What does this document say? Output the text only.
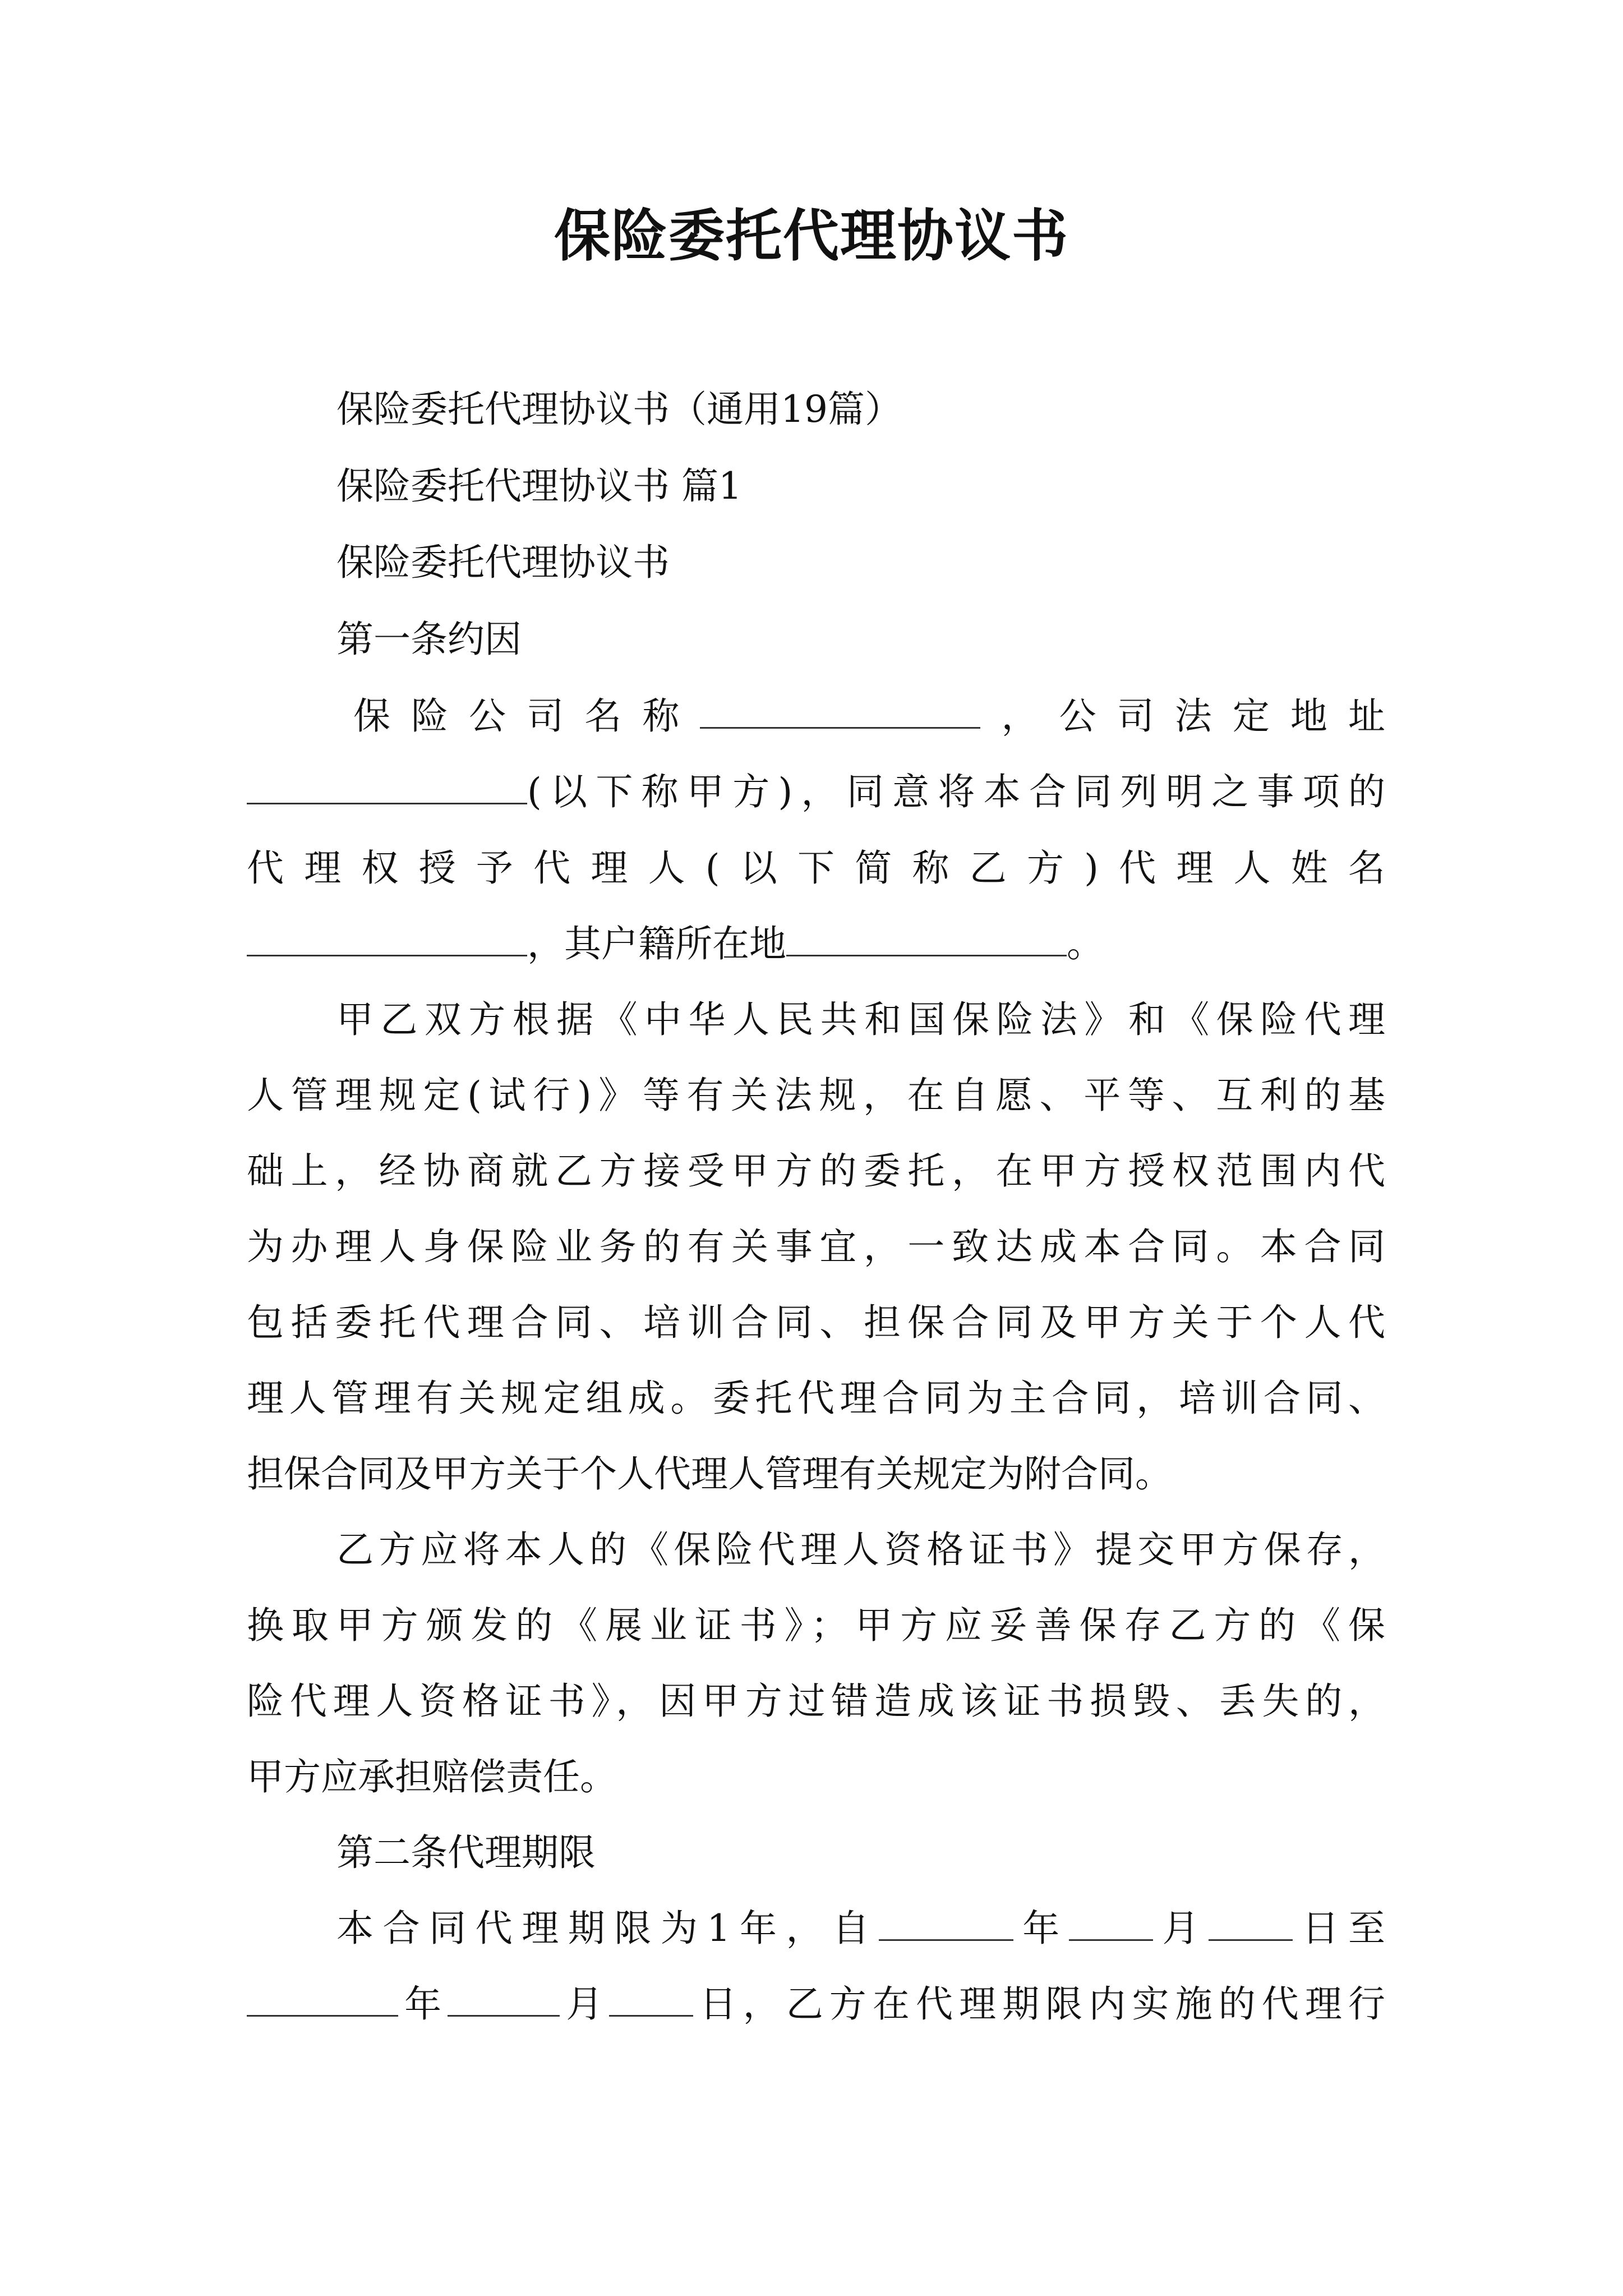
保险委托代理协议书

保险委托代理协议书（通用19篇）

保险委托代理协议书 篇1

保险委托代理协议书

第一条约因

保险公司名称	，公司法定地址

(以下称甲方)，同意将本合同列明之事项的

代理权授予代理人(以下简称乙方)代理人姓名

，其户籍所在地	。

甲乙双方根据《中华人民共和国保险法》和《保险代理

人管理规定(试行)》等有关法规，在自愿、平等、互利的基

础上，经协商就乙方接受甲方的委托，在甲方授权范围内代

为办理人身保险业务的有关事宜，一致达成本合同。本合同

包括委托代理合同、培训合同、担保合同及甲方关于个人代

理人管理有关规定组成。委托代理合同为主合同，培训合同、

担保合同及甲方关于个人代理人管理有关规定为附合同。

乙方应将本人的《保险代理人资格证书》提交甲方保存，

换取甲方颁发的《展业证书》；甲方应妥善保存乙方的《保

险代理人资格证书》，因甲方过错造成该证书损毁、丢失的，

甲方应承担赔偿责任。

第二条代理期限

本合同代理期限为1年，自	年 月 日至

年	月 日，乙方在代理期限内实施的代理行
